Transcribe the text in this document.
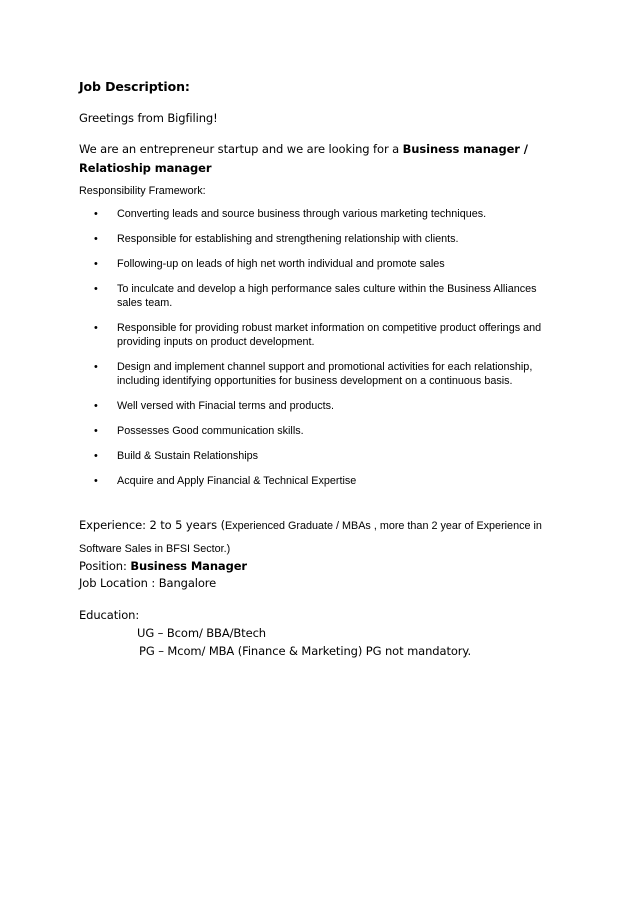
Job Description:
Greetings from Bigfiling!
We are an entrepreneur startup and we are looking for a Business manager / Relatioship manager
Responsibility Framework:
• Converting leads and source business through various marketing techniques.
• Responsible for establishing and strengthening relationship with clients.
• Following-up on leads of high net worth individual and promote sales
• To inculcate and develop a high performance sales culture within the Business Alliances sales team.
• Responsible for providing robust market information on competitive product offerings and providing inputs on product development.
• Design and implement channel support and promotional activities for each relationship, including identifying opportunities for business development on a continuous basis.
• Well versed with Finacial terms and products.
• Possesses Good communication skills.
• Build & Sustain Relationships
• Acquire and Apply Financial & Technical Expertise
Experience: 2 to 5 years (Experienced Graduate / MBAs , more than 2 year of Experience in Software Sales in BFSI Sector.)
Position: Business Manager
Job Location : Bangalore
Education:
UG – Bcom/ BBA/Btech
PG – Mcom/ MBA (Finance & Marketing) PG not mandatory.
